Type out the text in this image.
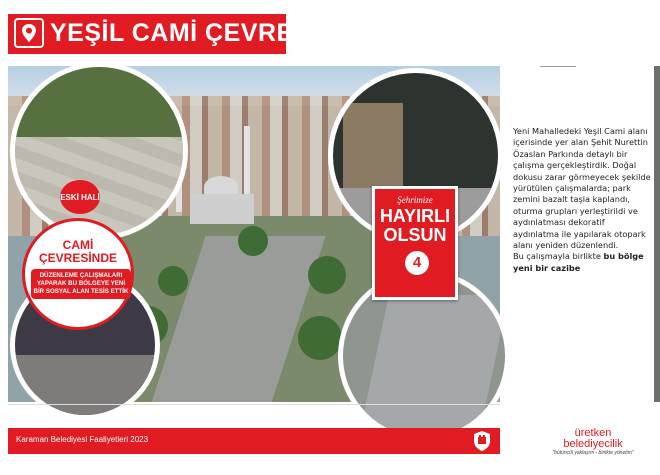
YEŞİL CAMİ ÇEVRESİ
ESKİ HALİ
CAMİ
ÇEVRESİNDE
DÜZENLEME ÇALIŞMALARI YAPARAK BU BÖLGEYE YENİ BİR SOSYAL ALAN TESİS ETTİK
Şehrimize
HAYIRLI
OLSUN
4
Yeni Mahalledeki Yeşil Cami alanı içerisinde yer alan Şehit Nurettin Özaslan Parkında detaylı bir çalışma gerçekleştirdik. Doğal dokusu zarar görmeyecek şekilde yürütülen çalışmalarda; park zemini bazalt taşla kaplandı, oturma grupları yerleştirildi ve aydınlatması dekoratif aydınlatma ile yapılarak otopark alanı yeniden düzenlendi.
Bu çalışmayla birlikte bu bölge yeni bir cazibe
Karaman Belediyesi Faaliyetleri 2023
üretken
belediyecilik
"bütüncül yaklaşım - birlikte yönetim"
